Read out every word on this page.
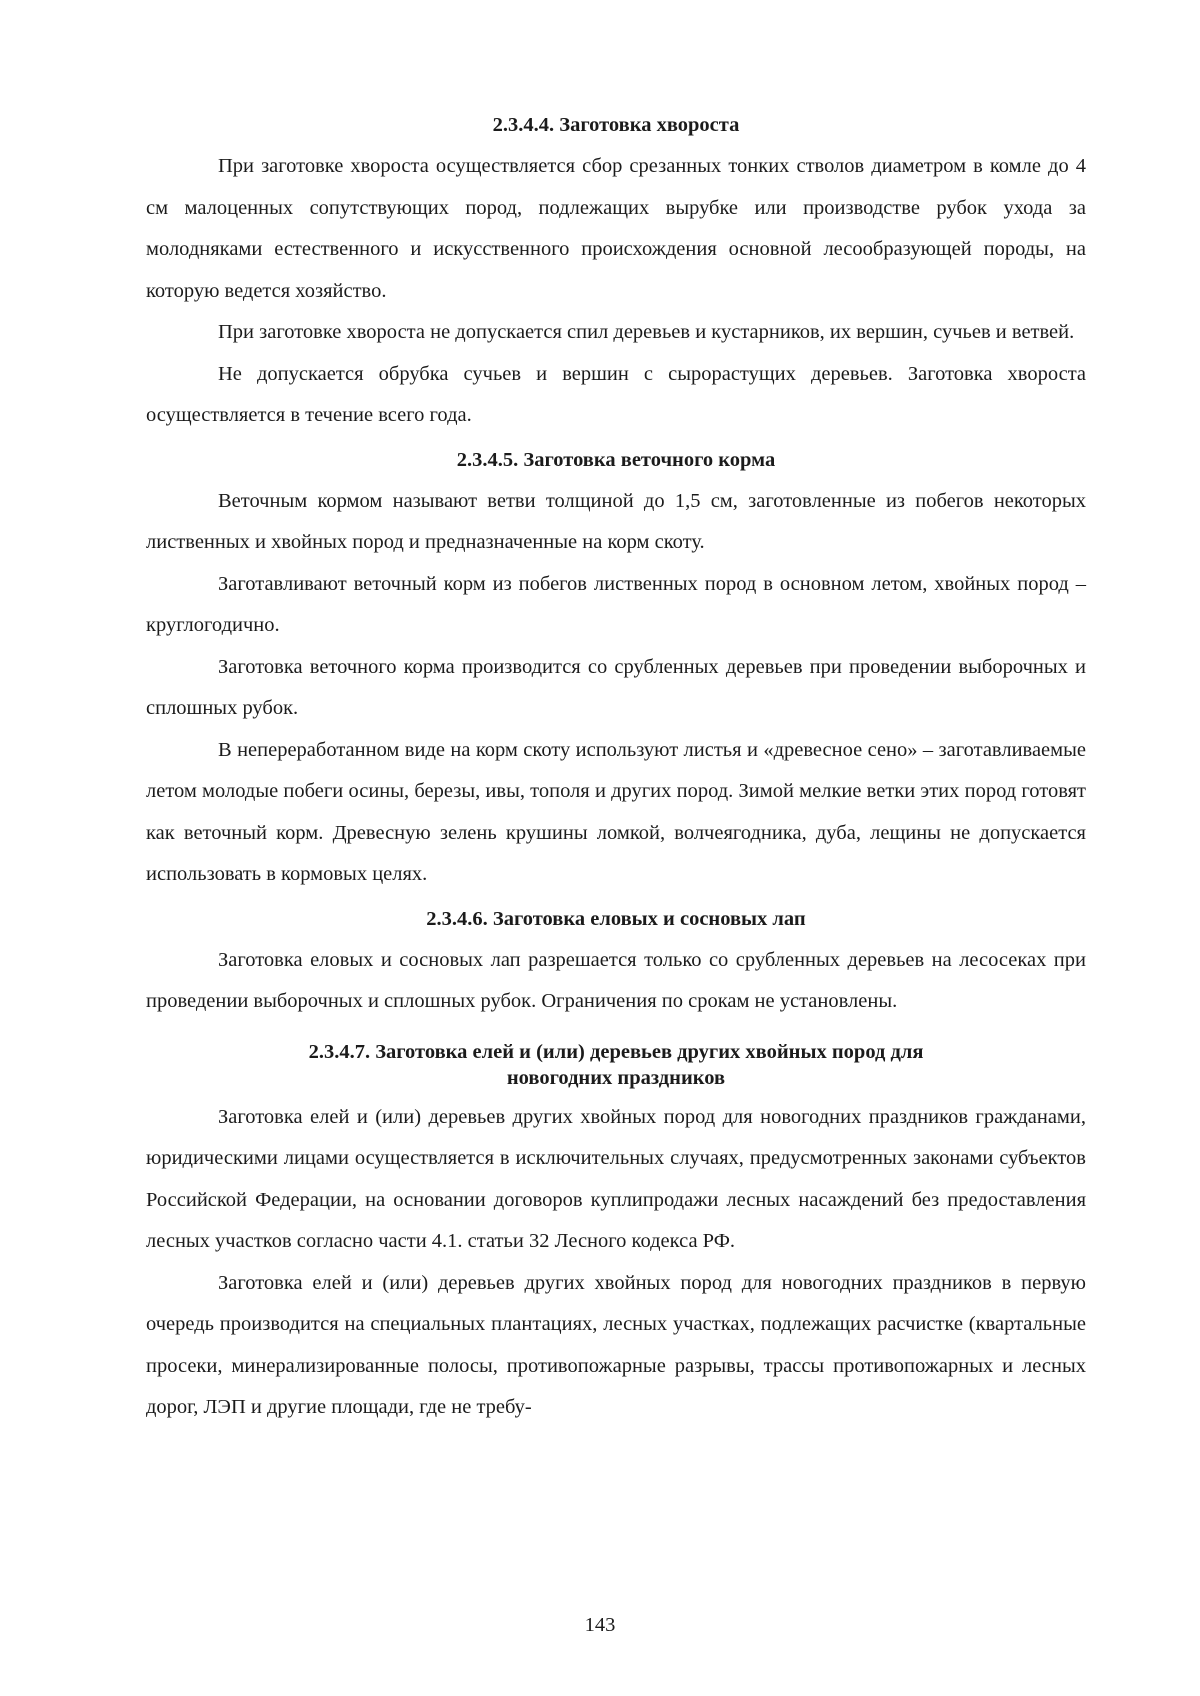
2.3.4.4. Заготовка хвороста

При заготовке хвороста осуществляется сбор срезанных тонких стволов диаметром в комле до 4 см малоценных сопутствующих пород, подлежащих вырубке или производстве рубок ухода за молодняками естественного и искусственного происхождения основной лесообразующей породы, на которую ведется хозяйство.

При заготовке хвороста не допускается спил деревьев и кустарников, их вершин, сучьев и ветвей.

Не допускается обрубка сучьев и вершин с сырорастущих деревьев. Заготовка хвороста осуществляется в течение всего года.

2.3.4.5. Заготовка веточного корма

Веточным кормом называют ветви толщиной до 1,5 см, заготовленные из побегов некоторых лиственных и хвойных пород и предназначенные на корм скоту.

Заготавливают веточный корм из побегов лиственных пород в основном летом, хвойных пород – круглогодично.

Заготовка веточного корма производится со срубленных деревьев при проведении выборочных и сплошных рубок.

В непереработанном виде на корм скоту используют листья и «древесное сено» – заготавливаемые летом молодые побеги осины, березы, ивы, тополя и других пород. Зимой мелкие ветки этих пород готовят как веточный корм. Древесную зелень крушины ломкой, волчеягодника, дуба, лещины не допускается использовать в кормовых целях.

2.3.4.6. Заготовка еловых и сосновых лап

Заготовка еловых и сосновых лап разрешается только со срубленных деревьев на лесосеках при проведении выборочных и сплошных рубок. Ограничения по срокам не установлены.

2.3.4.7. Заготовка елей и (или) деревьев других хвойных пород для
новогодних праздников

Заготовка елей и (или) деревьев других хвойных пород для новогодних праздников гражданами, юридическими лицами осуществляется в исключительных случаях, предусмотренных законами субъектов Российской Федерации, на основании договоров куплипродажи лесных насаждений без предоставления лесных участков согласно части 4.1. статьи 32 Лесного кодекса РФ.

Заготовка елей и (или) деревьев других хвойных пород для новогодних праздников в первую очередь производится на специальных плантациях, лесных участках, подлежащих расчистке (квартальные просеки, минерализированные полосы, противопожарные разрывы, трассы противопожарных и лесных дорог, ЛЭП и другие площади, где не требу-

143
